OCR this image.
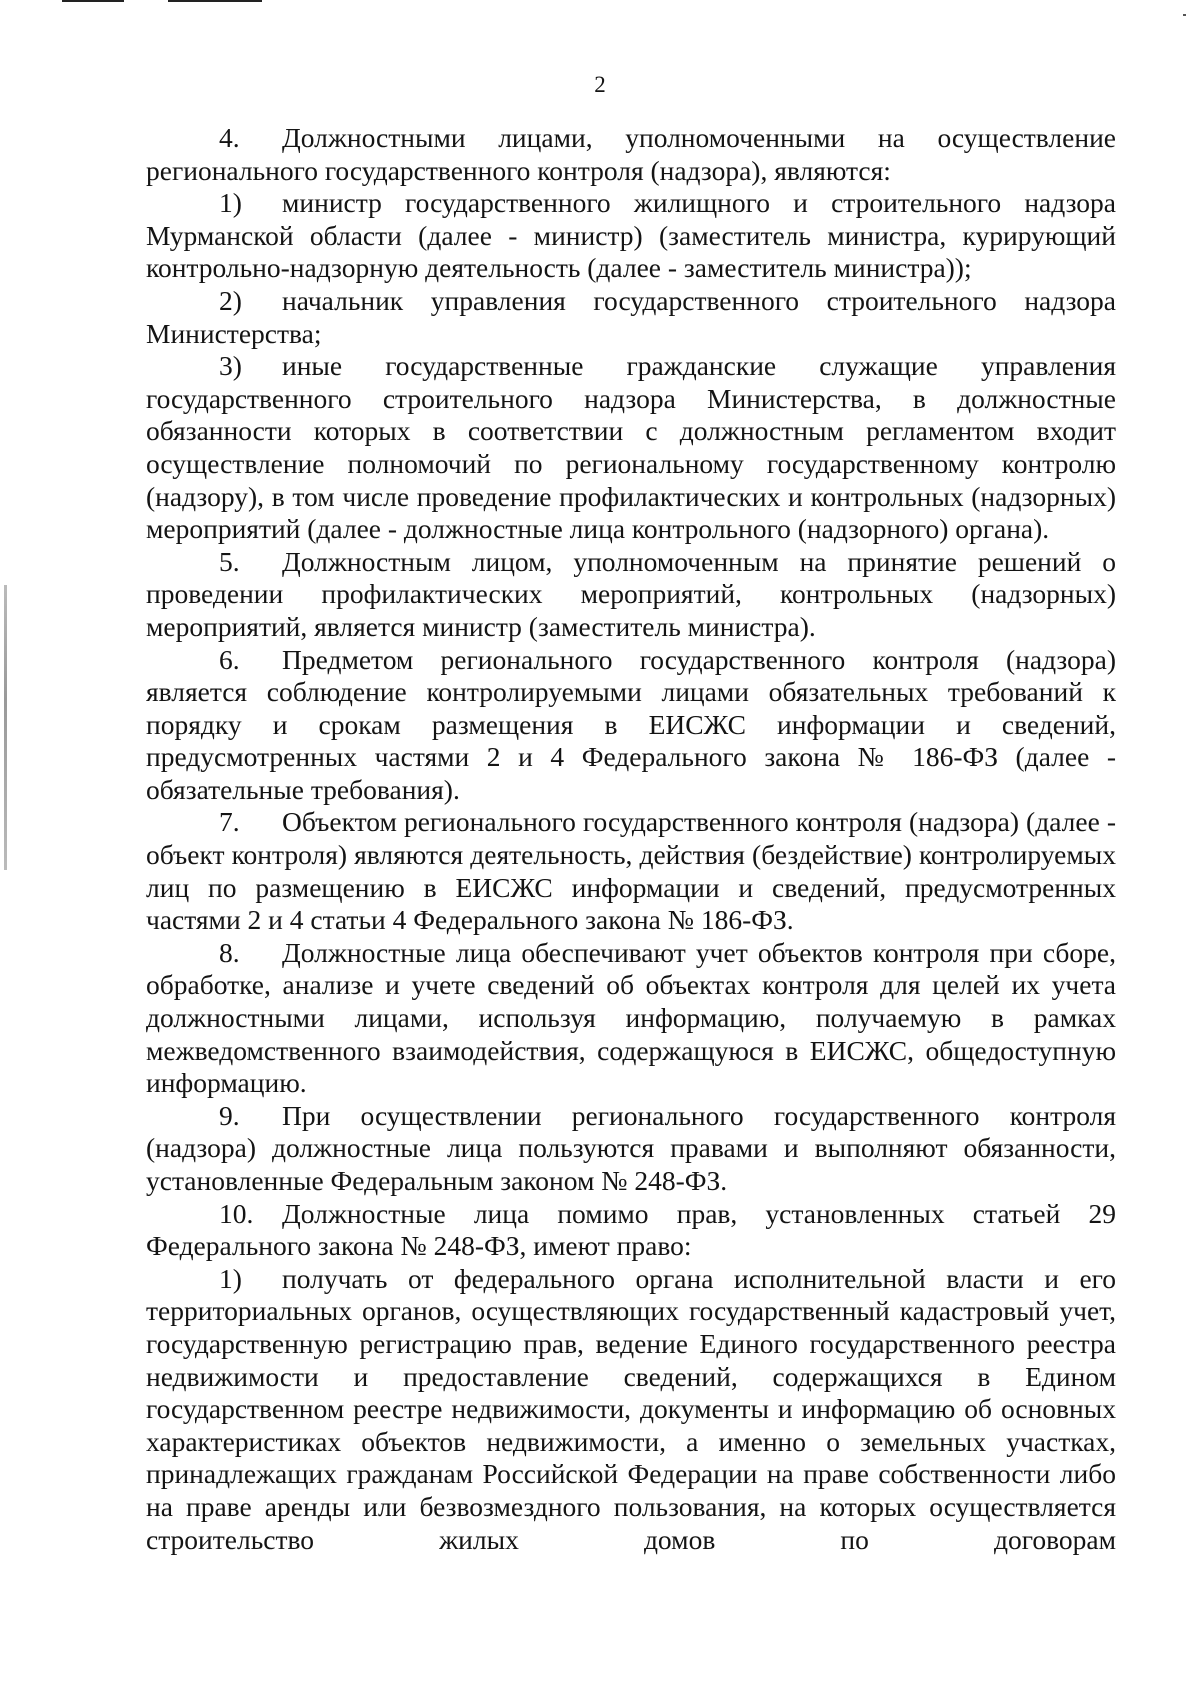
2

4. Должностными лицами, уполномоченными на осуществление регионального государственного контроля (надзора), являются:

1) министр государственного жилищного и строительного надзора Мурманской области (далее - министр) (заместитель министра, курирующий контрольно-надзорную деятельность (далее - заместитель министра));

2) начальник управления государственного строительного надзора Министерства;

3) иные государственные гражданские служащие управления государственного строительного надзора Министерства, в должностные обязанности которых в соответствии с должностным регламентом входит осуществление полномочий по региональному государственному контролю (надзору), в том числе проведение профилактических и контрольных (надзорных) мероприятий (далее - должностные лица контрольного (надзорного) органа).

5. Должностным лицом, уполномоченным на принятие решений о проведении профилактических мероприятий, контрольных (надзорных) мероприятий, является министр (заместитель министра).

6. Предметом регионального государственного контроля (надзора) является соблюдение контролируемыми лицами обязательных требований к порядку и срокам размещения в ЕИСЖС информации и сведений, предусмотренных частями 2 и 4 Федерального закона № 186-ФЗ (далее - обязательные требования).

7. Объектом регионального государственного контроля (надзора) (далее - объект контроля) являются деятельность, действия (бездействие) контролируемых лиц по размещению в ЕИСЖС информации и сведений, предусмотренных частями 2 и 4 статьи 4 Федерального закона № 186-ФЗ.

8. Должностные лица обеспечивают учет объектов контроля при сборе, обработке, анализе и учете сведений об объектах контроля для целей их учета должностными лицами, используя информацию, получаемую в рамках межведомственного взаимодействия, содержащуюся в ЕИСЖС, общедоступную информацию.

9. При осуществлении регионального государственного контроля (надзора) должностные лица пользуются правами и выполняют обязанности, установленные Федеральным законом № 248-ФЗ.

10. Должностные лица помимо прав, установленных статьей 29 Федерального закона № 248-ФЗ, имеют право:

1) получать от федерального органа исполнительной власти и его территориальных органов, осуществляющих государственный кадастровый учет, государственную регистрацию прав, ведение Единого государственного реестра недвижимости и предоставление сведений, содержащихся в Едином государственном реестре недвижимости, документы и информацию об основных характеристиках объектов недвижимости, а именно о земельных участках, принадлежащих гражданам Российской Федерации на праве собственности либо на праве аренды или безвозмездного пользования, на которых осуществляется строительство жилых домов по договорам
